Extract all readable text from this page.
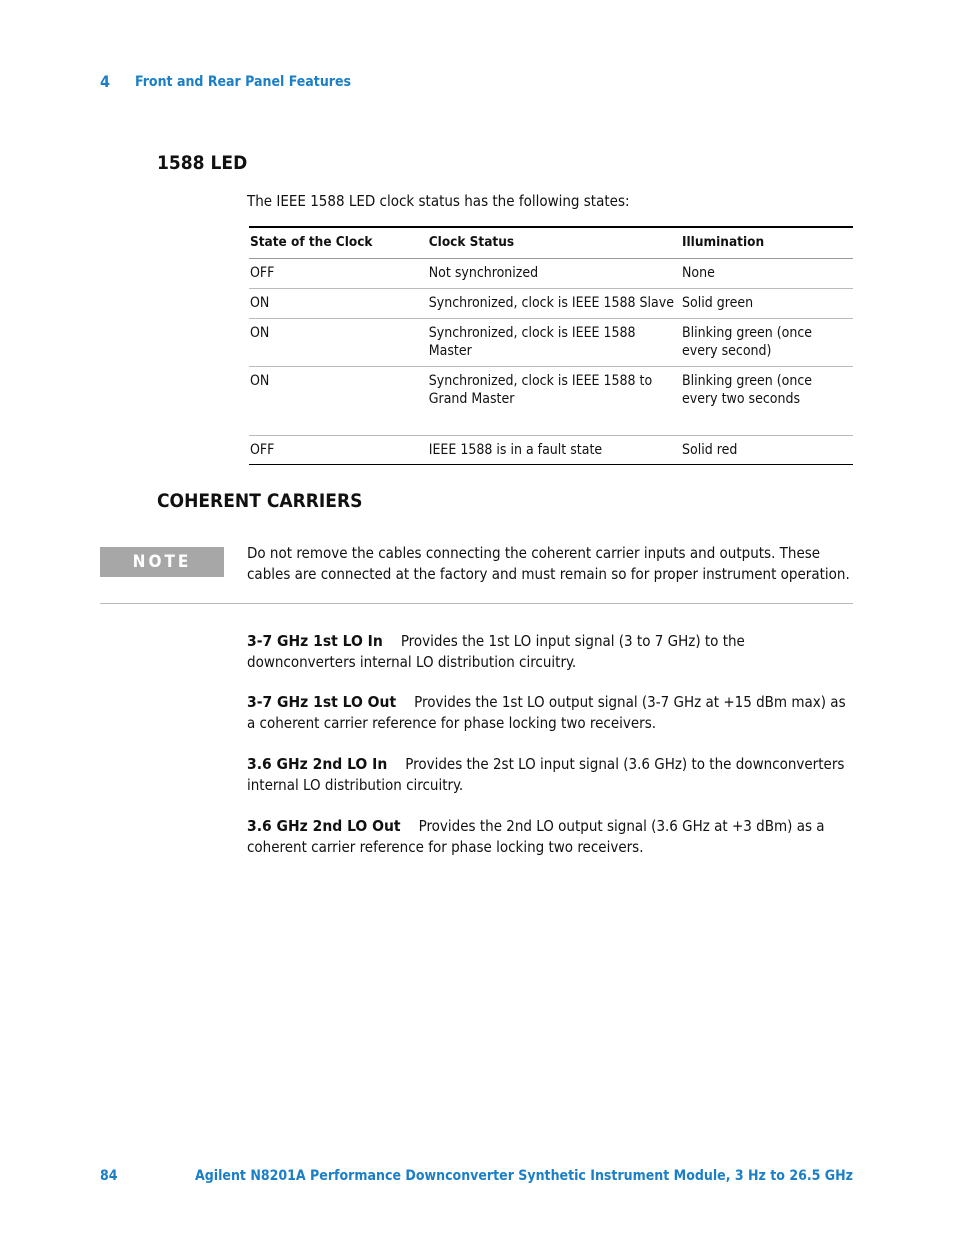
4 Front and Rear Panel Features
1588 LED
The IEEE 1588 LED clock status has the following states:
State of the Clock	Clock Status	Illumination
OFF	Not synchronized	None
ON	Synchronized, clock is IEEE 1588 Slave	Solid green
ON	Synchronized, clock is IEEE 1588 Master	Blinking green (once every second)
ON	Synchronized, clock is IEEE 1588 to Grand Master	Blinking green (once every two seconds
OFF	IEEE 1588 is in a fault state	Solid red
COHERENT CARRIERS
NOTE	Do not remove the cables connecting the coherent carrier inputs and outputs. These cables are connected at the factory and must remain so for proper instrument operation.
3-7 GHz 1st LO In Provides the 1st LO input signal (3 to 7 GHz) to the downconverters internal LO distribution circuitry.
3-7 GHz 1st LO Out Provides the 1st LO output signal (3-7 GHz at +15 dBm max) as a coherent carrier reference for phase locking two receivers.
3.6 GHz 2nd LO In Provides the 2st LO input signal (3.6 GHz) to the downconverters internal LO distribution circuitry.
3.6 GHz 2nd LO Out Provides the 2nd LO output signal (3.6 GHz at +3 dBm) as a coherent carrier reference for phase locking two receivers.
84	Agilent N8201A Performance Downconverter Synthetic Instrument Module, 3 Hz to 26.5 GHz
